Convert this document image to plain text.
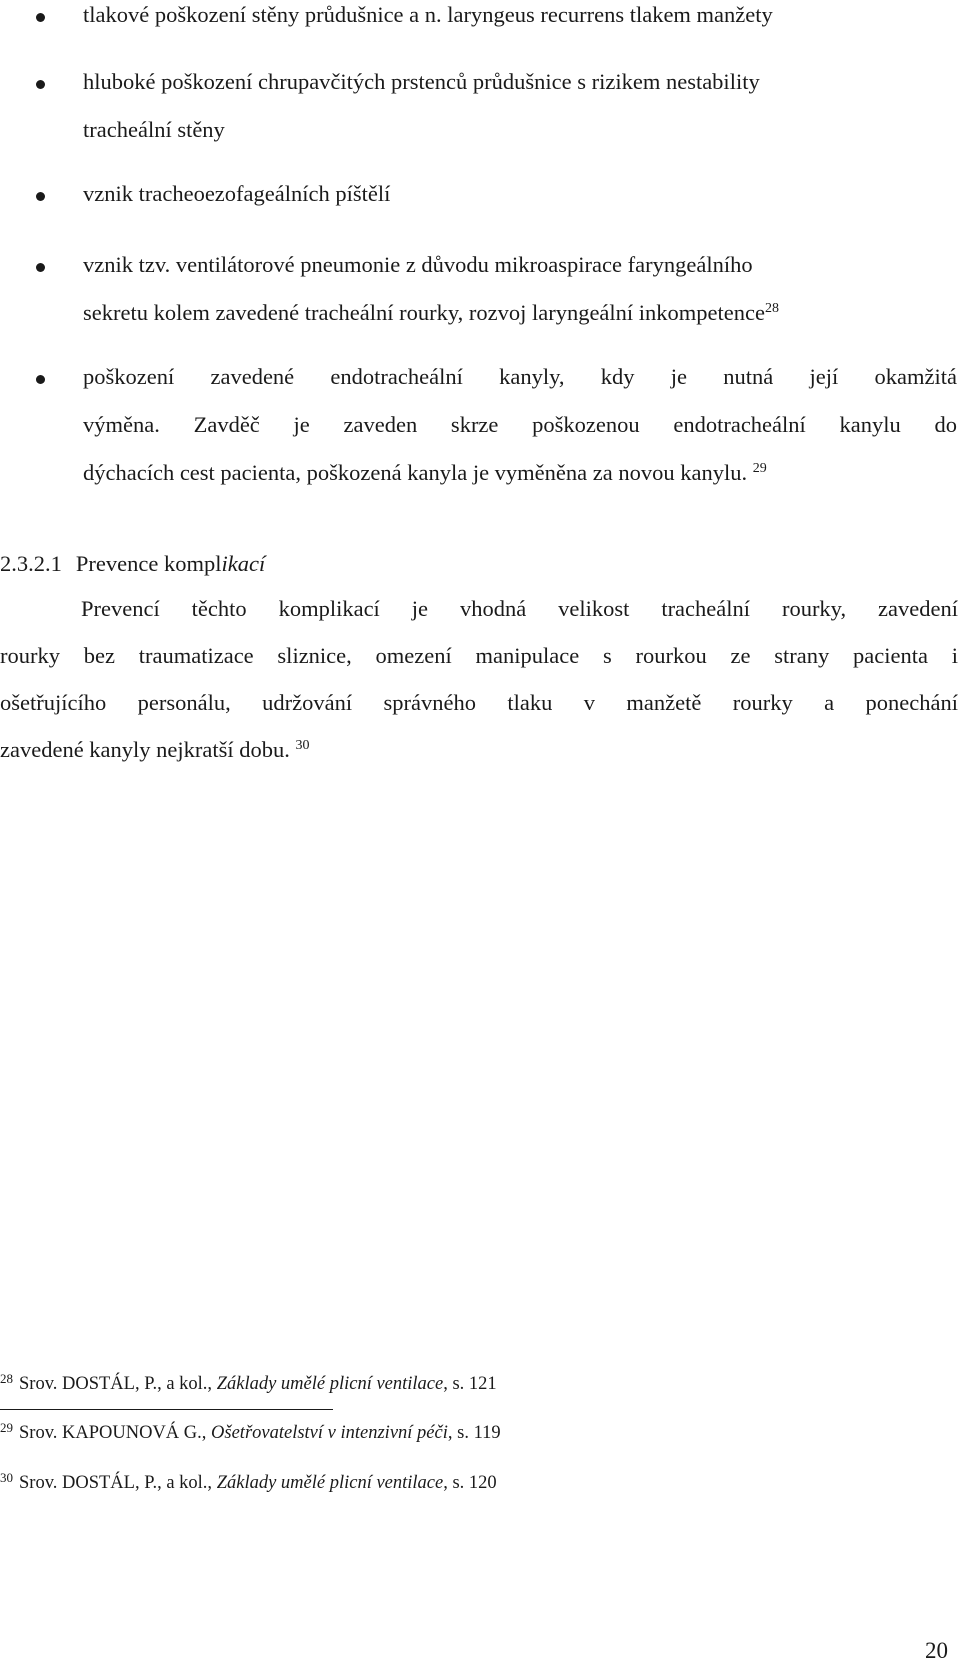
tlakové poškození stěny průdušnice a n. laryngeus recurrens tlakem manžety
hluboké poškození chrupavčitých prstenců průdušnice s rizikem nestability
tracheální stěny
vznik tracheoezofageálních píštělí
vznik tzv. ventilátorové pneumonie z důvodu mikroaspirace faryngeálního
sekretu kolem zavedené tracheální rourky, rozvoj laryngeální inkompetence$^{28}$
poškození zavedené endotracheální kanyly, kdy je nutná její okamžitá
výměna. Zavděč je zaveden skrze poškozenou endotracheální kanylu do
dýchacích cest pacienta, poškozená kanyla je vyměněna za novou kanylu. $^{29}$
2.3.2.1 Prevence komplikací
Prevencí těchto komplikací je vhodná velikost tracheální rourky, zavedení
rourky bez traumatizace sliznice, omezení manipulace s rourkou ze strany pacienta i
ošetřujícího personálu, udržování správného tlaku v manžetě rourky a ponechání
zavedené kanyly nejkratší dobu. $^{30}$
$^{28}$ Srov. DOSTÁL, P., a kol., Základy umělé plicní ventilace, s. 121
$^{29}$ Srov. KAPOUNOVÁ G., Ošetřovatelství v intenzivní péči, s. 119
$^{30}$ Srov. DOSTÁL, P., a kol., Základy umělé plicní ventilace, s. 120
20
